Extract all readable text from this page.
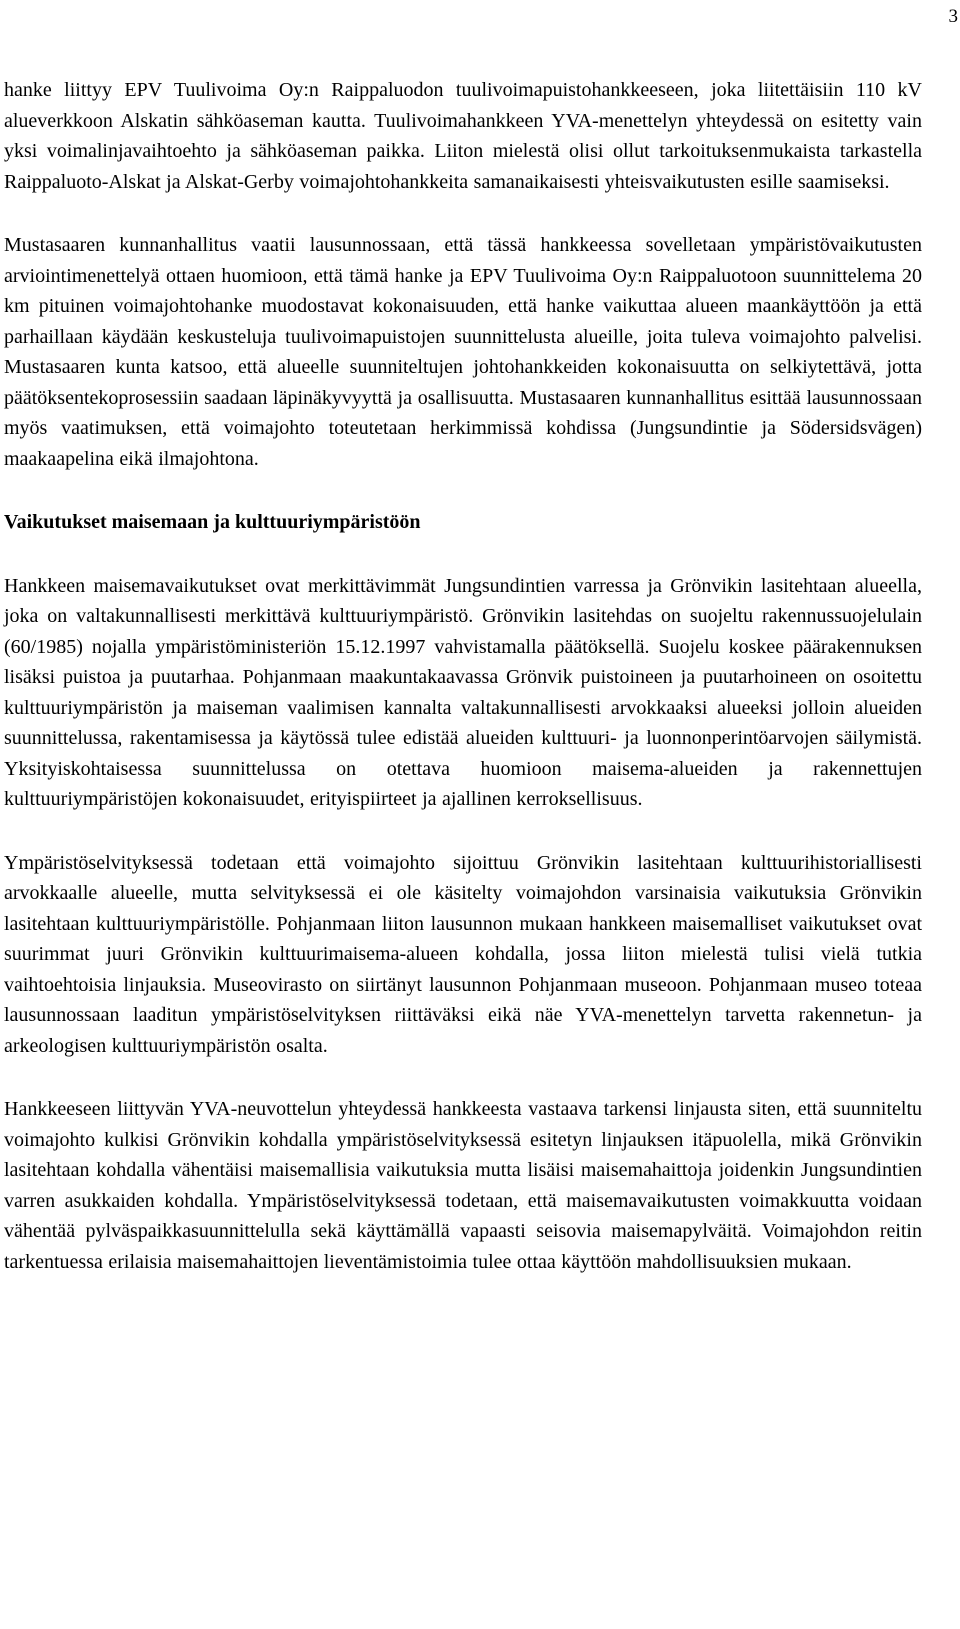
3

hanke liittyy EPV Tuulivoima Oy:n Raippaluodon tuulivoimapuistohankkeeseen, joka liitettäisiin 110 kV alueverkkoon Alskatin sähköaseman kautta. Tuulivoimahankkeen YVA-menettelyn yhteydessä on esitetty vain yksi voimalinjavaihtoehto ja sähköaseman paikka. Liiton mielestä olisi ollut tarkoituksenmukaista tarkastella Raippaluoto-Alskat ja Alskat-Gerby voimajohtohankkeita samanaikaisesti yhteisvaikutusten esille saamiseksi.

Mustasaaren kunnanhallitus vaatii lausunnossaan, että tässä hankkeessa sovelletaan ympäristövaikutusten arviointimenettelyä ottaen huomioon, että tämä hanke ja EPV Tuulivoima Oy:n Raippaluotoon suunnittelema 20 km pituinen voimajohtohanke muodostavat kokonaisuuden, että hanke vaikuttaa alueen maankäyttöön ja että parhaillaan käydään keskusteluja tuulivoimapuistojen suunnittelusta alueille, joita tuleva voimajohto palvelisi. Mustasaaren kunta katsoo, että alueelle suunniteltujen johtohankkeiden kokonaisuutta on selkiytettävä, jotta päätöksentekoprosessiin saadaan läpinäkyvyyttä ja osallisuutta. Mustasaaren kunnanhallitus esittää lausunnossaan myös vaatimuksen, että voimajohto toteutetaan herkimmissä kohdissa (Jungsundintie ja Södersidsvägen) maakaapelina eikä ilmajohtona.

Vaikutukset maisemaan ja kulttuuriympäristöön

Hankkeen maisemavaikutukset ovat merkittävimmät Jungsundintien varressa ja Grönvikin lasitehtaan alueella, joka on valtakunnallisesti merkittävä kulttuuriympäristö. Grönvikin lasitehdas on suojeltu rakennussuojelulain (60/1985) nojalla ympäristöministeriön 15.12.1997 vahvistamalla päätöksellä. Suojelu koskee päärakennuksen lisäksi puistoa ja puutarhaa. Pohjanmaan maakuntakaavassa Grönvik puistoineen ja puutarhoineen on osoitettu kulttuuriympäristön ja maiseman vaalimisen kannalta valtakunnallisesti arvokkaaksi alueeksi jolloin alueiden suunnittelussa, rakentamisessa ja käytössä tulee edistää alueiden kulttuuri- ja luonnonperintöarvojen säilymistä. Yksityiskohtaisessa suunnittelussa on otettava huomioon maisema-alueiden ja rakennettujen kulttuuriympäristöjen kokonaisuudet, erityispiirteet ja ajallinen kerroksellisuus.

Ympäristöselvityksessä todetaan että voimajohto sijoittuu Grönvikin lasitehtaan kulttuurihistoriallisesti arvokkaalle alueelle, mutta selvityksessä ei ole käsitelty voimajohdon varsinaisia vaikutuksia Grönvikin lasitehtaan kulttuuriympäristölle. Pohjanmaan liiton lausunnon mukaan hankkeen maisemalliset vaikutukset ovat suurimmat juuri Grönvikin kulttuurimaisema-alueen kohdalla, jossa liiton mielestä tulisi vielä tutkia vaihtoehtoisia linjauksia. Museovirasto on siirtänyt lausunnon Pohjanmaan museoon. Pohjanmaan museo toteaa lausunnossaan laaditun ympäristöselvityksen riittäväksi eikä näe YVA-menettelyn tarvetta rakennetun- ja arkeologisen kulttuuriympäristön osalta.

Hankkeeseen liittyvän YVA-neuvottelun yhteydessä hankkeesta vastaava tarkensi linjausta siten, että suunniteltu voimajohto kulkisi Grönvikin kohdalla ympäristöselvityksessä esitetyn linjauksen itäpuolella, mikä Grönvikin lasitehtaan kohdalla vähentäisi maisemallisia vaikutuksia mutta lisäisi maisemahaittoja joidenkin Jungsundintien varren asukkaiden kohdalla. Ympäristöselvityksessä todetaan, että maisemavaikutusten voimakkuutta voidaan vähentää pylväspaikkasuunnittelulla sekä käyttämällä vapaasti seisovia maisemapylväitä. Voimajohdon reitin tarkentuessa erilaisia maisemahaittojen lieventämistoimia tulee ottaa käyttöön mahdollisuuksien mukaan.
